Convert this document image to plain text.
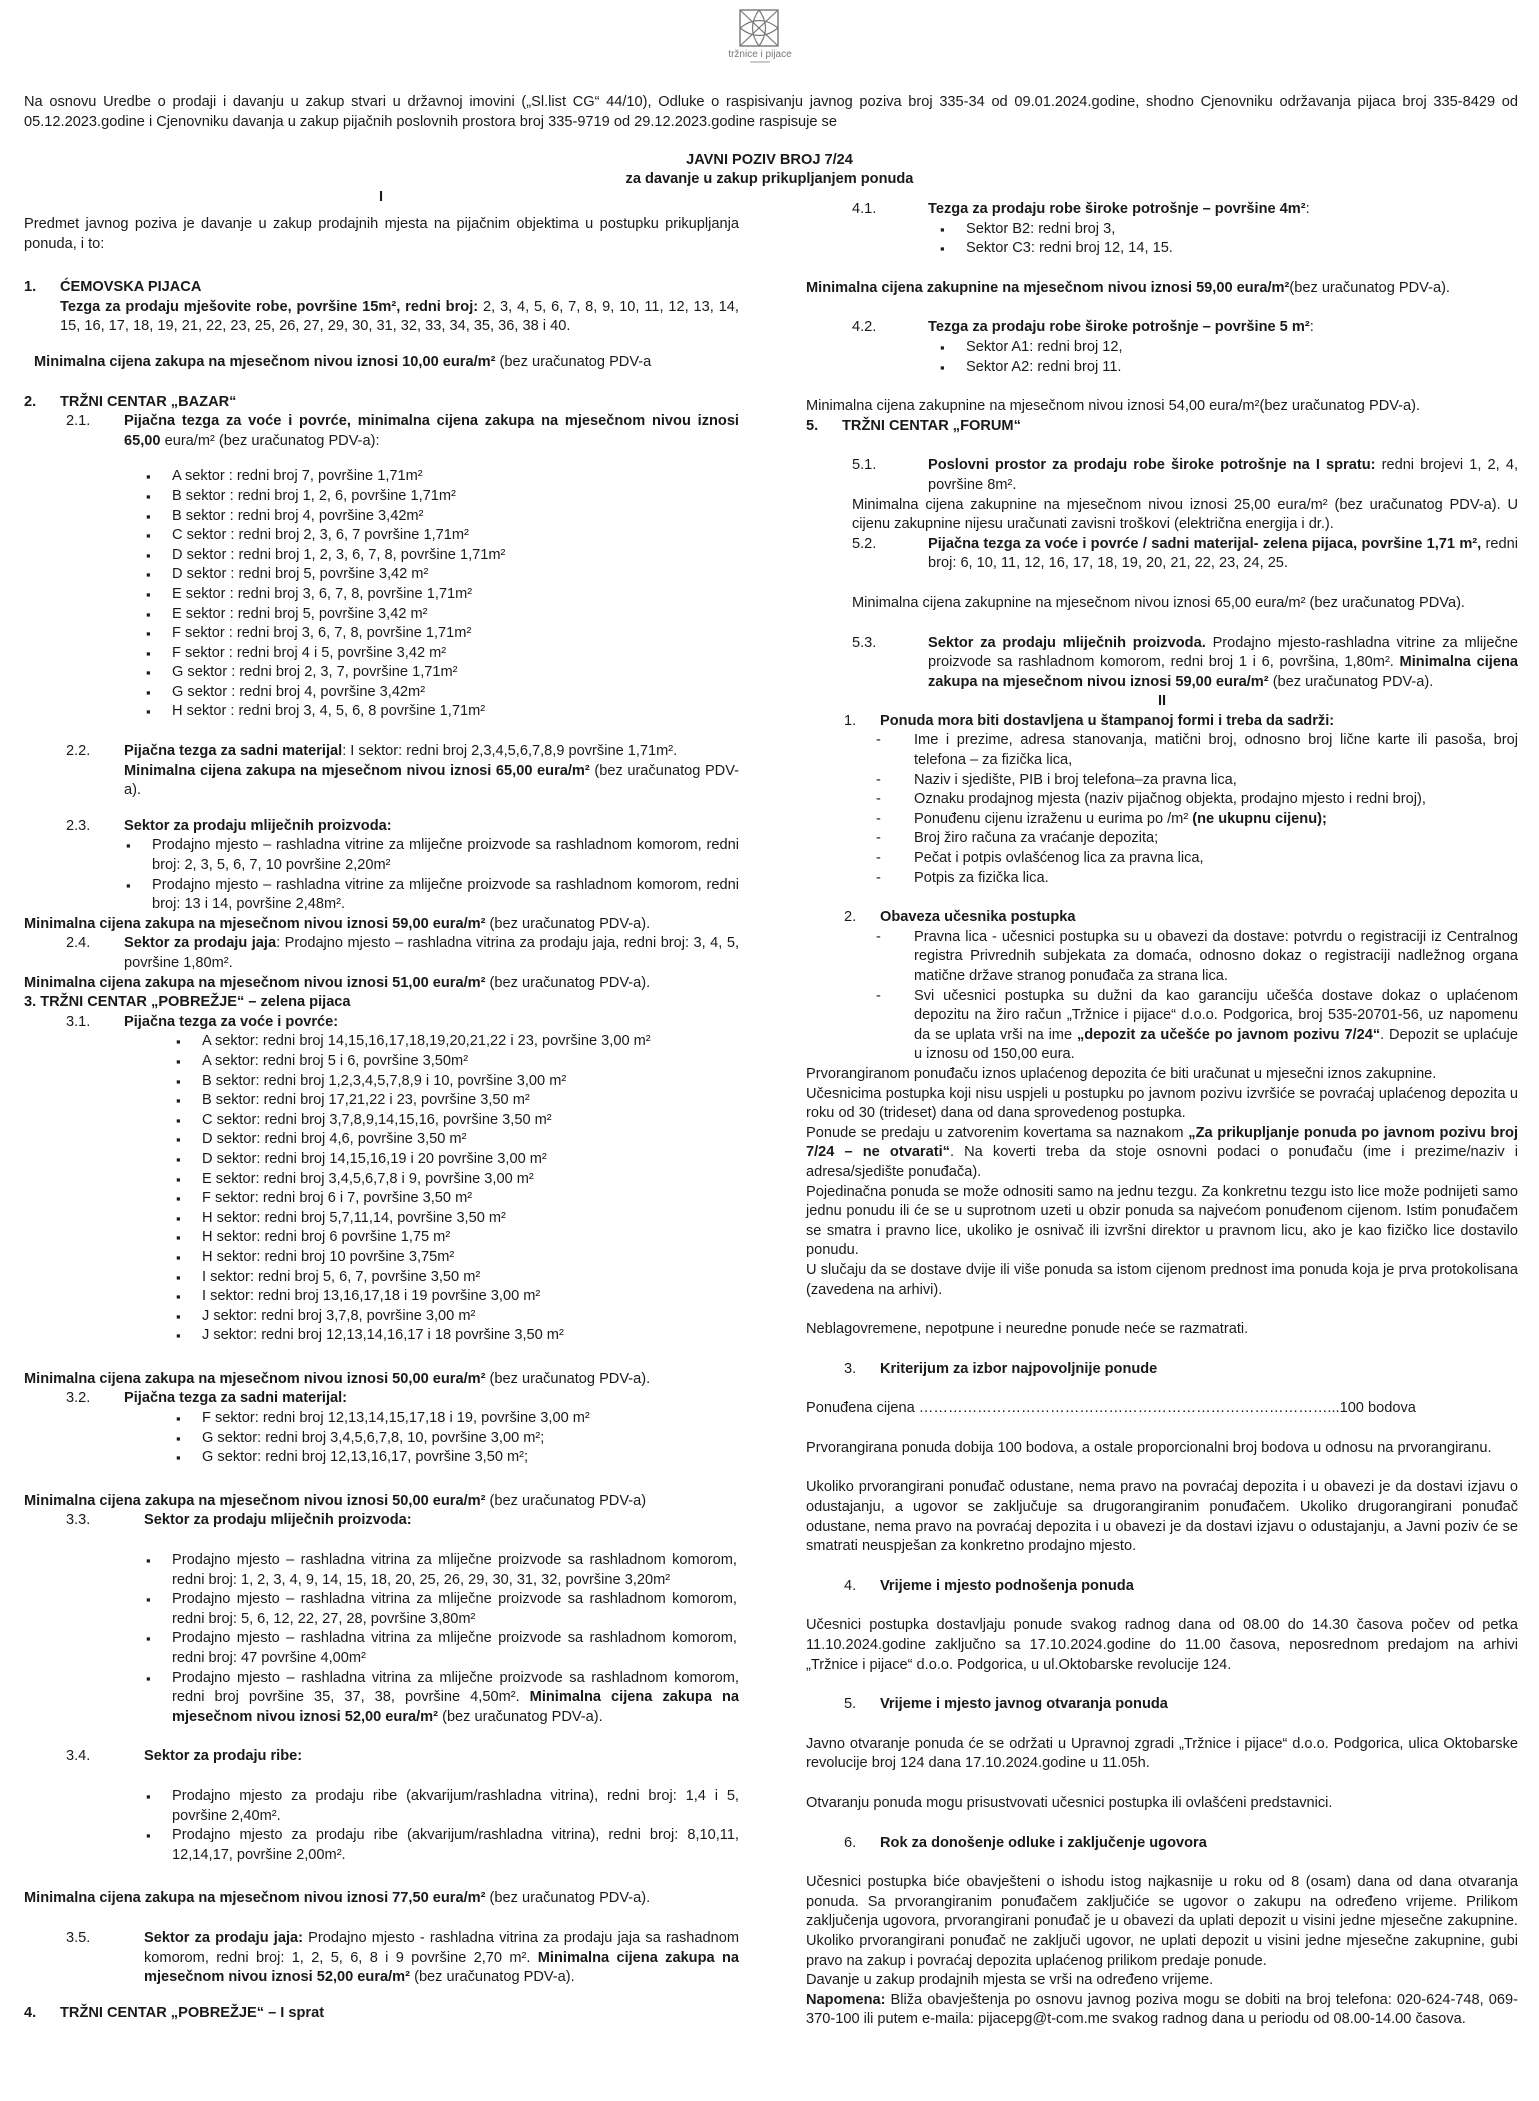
tržnice i pijace
Na osnovu Uredbe o prodaji i davanju u zakup stvari u državnoj imovini („Sl.list CG“ 44/10), Odluke o raspisivanju javnog poziva broj 335-34 od 09.01.2024.godine, shodno Cjenovniku održavanja pijaca broj 335-8429 od 05.12.2023.godine i Cjenovniku davanja u zakup pijačnih poslovnih prostora broj 335-9719 od 29.12.2023.godine raspisuje se
JAVNI POZIV BROJ 7/24
za davanje u zakup prikupljanjem ponuda
I
Predmet javnog poziva je davanje u zakup prodajnih mjesta na pijačnim objektima u postupku prikupljanja ponuda, i to:
1.	ĆEMOVSKA PIJACA
Tezga za prodaju mješovite robe, površine 15m², redni broj: 2, 3, 4, 5, 6, 7, 8, 9, 10, 11, 12, 13, 14, 15, 16, 17, 18, 19, 21, 22, 23, 25, 26, 27, 29, 30, 31, 32, 33, 34, 35, 36, 38 i 40.
Minimalna cijena zakupa na mjesečnom nivou iznosi 10,00 eura/m² (bez uračunatog PDV-a
2.	TRŽNI CENTAR „BAZAR“
2.1.	Pijačna tezga za voće i povrće, minimalna cijena zakupa na mjesečnom nivou iznosi 65,00 eura/m² (bez uračunatog PDV-a):
▪ A sektor : redni broj 7, površine 1,71m²
▪ B sektor : redni broj 1, 2, 6, površine 1,71m²
▪ B sektor : redni broj 4, površine 3,42m²
▪ C sektor : redni broj 2, 3, 6, 7 površine 1,71m²
▪ D sektor : redni broj 1, 2, 3, 6, 7, 8, površine 1,71m²
▪ D sektor : redni broj 5, površine 3,42 m²
▪ E sektor : redni broj 3, 6, 7, 8, površine 1,71m²
▪ E sektor : redni broj 5, površine 3,42 m²
▪ F sektor : redni broj 3, 6, 7, 8, površine 1,71m²
▪ F sektor : redni broj 4 i 5, površine 3,42 m²
▪ G sektor : redni broj 2, 3, 7, površine 1,71m²
▪ G sektor : redni broj 4, površine 3,42m²
▪ H sektor : redni broj 3, 4, 5, 6, 8 površine 1,71m²
2.2.	Pijačna tezga za sadni materijal: I sektor: redni broj 2,3,4,5,6,7,8,9 površine 1,71m².
Minimalna cijena zakupa na mjesečnom nivou iznosi 65,00 eura/m² (bez uračunatog PDV-a).
2.3.	Sektor za prodaju mliječnih proizvoda:
▪ Prodajno mjesto – rashladna vitrine za mliječne proizvode sa rashladnom komorom, redni broj: 2, 3, 5, 6, 7, 10 površine 2,20m²
▪ Prodajno mjesto – rashladna vitrine za mliječne proizvode sa rashladnom komorom, redni broj: 13 i 14, površine 2,48m².
Minimalna cijena zakupa na mjesečnom nivou iznosi 59,00 eura/m² (bez uračunatog PDV-a).
2.4.	Sektor za prodaju jaja: Prodajno mjesto – rashladna vitrina za prodaju jaja, redni broj: 3, 4, 5, površine 1,80m².
Minimalna cijena zakupa na mjesečnom nivou iznosi 51,00 eura/m² (bez uračunatog PDV-a).
3. TRŽNI CENTAR „POBREŽJE“ – zelena pijaca
3.1.	Pijačna tezga za voće i povrće:
▪ A sektor: redni broj 14,15,16,17,18,19,20,21,22 i 23, površine 3,00 m²
▪ A sektor: redni broj 5 i 6, površine 3,50m²
▪ B sektor: redni broj 1,2,3,4,5,7,8,9 i 10, površine 3,00 m²
▪ B sektor: redni broj 17,21,22 i 23, površine 3,50 m²
▪ C sektor: redni broj 3,7,8,9,14,15,16, površine 3,50 m²
▪ D sektor: redni broj 4,6, površine 3,50 m²
▪ D sektor: redni broj 14,15,16,19 i 20 površine 3,00 m²
▪ E sektor: redni broj 3,4,5,6,7,8 i 9, površine 3,00 m²
▪ F sektor: redni broj 6 i 7, površine 3,50 m²
▪ H sektor: redni broj 5,7,11,14, površine 3,50 m²
▪ H sektor: redni broj 6 površine 1,75 m²
▪ H sektor: redni broj 10 površine 3,75m²
▪ I sektor: redni broj 5, 6, 7, površine 3,50 m²
▪ I sektor: redni broj 13,16,17,18 i 19 površine 3,00 m²
▪ J sektor: redni broj 3,7,8, površine 3,00 m²
▪ J sektor: redni broj 12,13,14,16,17 i 18 površine 3,50 m²
Minimalna cijena zakupa na mjesečnom nivou iznosi 50,00 eura/m² (bez uračunatog PDV-a).
3.2.	Pijačna tezga za sadni materijal:
▪ F sektor: redni broj 12,13,14,15,17,18 i 19, površine 3,00 m²
▪ G sektor: redni broj 3,4,5,6,7,8, 10, površine 3,00 m²;
▪ G sektor: redni broj 12,13,16,17, površine 3,50 m²;
Minimalna cijena zakupa na mjesečnom nivou iznosi 50,00 eura/m² (bez uračunatog PDV-a)
3.3.	Sektor za prodaju mliječnih proizvoda:
▪ Prodajno mjesto – rashladna vitrina za mliječne proizvode sa rashladnom komorom, redni broj: 1, 2, 3, 4, 9, 14, 15, 18, 20, 25, 26, 29, 30, 31, 32, površine 3,20m²
▪ Prodajno mjesto – rashladna vitrina za mliječne proizvode sa rashladnom komorom, redni broj: 5, 6, 12, 22, 27, 28, površine 3,80m²
▪ Prodajno mjesto – rashladna vitrina za mliječne proizvode sa rashladnom komorom, redni broj: 47 površine 4,00m²
▪ Prodajno mjesto – rashladna vitrina za mliječne proizvode sa rashladnom komorom, redni broj površine 35, 37, 38, površine 4,50m². Minimalna cijena zakupa na mjesečnom nivou iznosi 52,00 eura/m² (bez uračunatog PDV-a).
3.4.	Sektor za prodaju ribe:
▪ Prodajno mjesto za prodaju ribe (akvarijum/rashladna vitrina), redni broj: 1,4 i 5, površine 2,40m².
▪ Prodajno mjesto za prodaju ribe (akvarijum/rashladna vitrina), redni broj: 8,10,11, 12,14,17, površine 2,00m².
Minimalna cijena zakupa na mjesečnom nivou iznosi 77,50 eura/m² (bez uračunatog PDV-a).
3.5.	Sektor za prodaju jaja: Prodajno mjesto - rashladna vitrina za prodaju jaja sa rashadnom komorom, redni broj: 1, 2, 5, 6, 8 i 9 površine 2,70 m². Minimalna cijena zakupa na mjesečnom nivou iznosi 52,00 eura/m² (bez uračunatog PDV-a).
4.	TRŽNI CENTAR „POBREŽJE“ – I sprat
4.1.	Tezga za prodaju robe široke potrošnje – površine 4m²:
▪ Sektor B2: redni broj 3,
▪ Sektor C3: redni broj 12, 14, 15.
Minimalna cijena zakupnine na mjesečnom nivou iznosi 59,00 eura/m²(bez uračunatog PDV-a).
4.2.	Tezga za prodaju robe široke potrošnje – površine 5 m²:
▪ Sektor A1: redni broj 12,
▪ Sektor A2: redni broj 11.
Minimalna cijena zakupnine na mjesečnom nivou iznosi 54,00 eura/m²(bez uračunatog PDV-a).
5.	TRŽNI CENTAR „FORUM“
5.1.	Poslovni prostor za prodaju robe široke potrošnje na I spratu: redni brojevi 1, 2, 4, površine 8m².
Minimalna cijena zakupnine na mjesečnom nivou iznosi 25,00 eura/m² (bez uračunatog PDV-a). U cijenu zakupnine nijesu uračunati zavisni troškovi (električna energija i dr.).
5.2.	Pijačna tezga za voće i povrće / sadni materijal- zelena pijaca, površine 1,71 m², redni broj: 6, 10, 11, 12, 16, 17, 18, 19, 20, 21, 22, 23, 24, 25.
Minimalna cijena zakupnine na mjesečnom nivou iznosi 65,00 eura/m² (bez uračunatog PDVa).
5.3.	Sektor za prodaju mliječnih proizvoda. Prodajno mjesto-rashladna vitrine za mliječne proizvode sa rashladnom komorom, redni broj 1 i 6, površina, 1,80m². Minimalna cijena zakupa na mjesečnom nivou iznosi 59,00 eura/m² (bez uračunatog PDV-a).
II
1.	Ponuda mora biti dostavljena u štampanoj formi i treba da sadrži:
- Ime i prezime, adresa stanovanja, matični broj, odnosno broj lične karte ili pasoša, broj telefona – za fizička lica,
- Naziv i sjedište, PIB i broj telefona–za pravna lica,
- Oznaku prodajnog mjesta (naziv pijačnog objekta, prodajno mjesto i redni broj),
- Ponuđenu cijenu izraženu u eurima po /m² (ne ukupnu cijenu);
- Broj žiro računa za vraćanje depozita;
- Pečat i potpis ovlašćenog lica za pravna lica,
- Potpis za fizička lica.
2.	Obaveza učesnika postupka
- Pravna lica - učesnici postupka su u obavezi da dostave: potvrdu o registraciji iz Centralnog registra Privrednih subjekata za domaća, odnosno dokaz o registraciji nadležnog organa matične države stranog ponuđača za strana lica.
- Svi učesnici postupka su dužni da kao garanciju učešća dostave dokaz o uplaćenom depozitu na žiro račun „Tržnice i pijace“ d.o.o. Podgorica, broj 535-20701-56, uz napomenu da se uplata vrši na ime „depozit za učešće po javnom pozivu 7/24“. Depozit se uplaćuje u iznosu od 150,00 eura.
Prvorangiranom ponuđaču iznos uplaćenog depozita će biti uračunat u mjesečni iznos zakupnine.
Učesnicima postupka koji nisu uspjeli u postupku po javnom pozivu izvršiće se povraćaj uplaćenog depozita u roku od 30 (trideset) dana od dana sprovedenog postupka.
Ponude se predaju u zatvorenim kovertama sa naznakom „Za prikupljanje ponuda po javnom pozivu broj 7/24 – ne otvarati“. Na koverti treba da stoje osnovni podaci o ponuđaču (ime i prezime/naziv i adresa/sjedište ponuđača).
Pojedinačna ponuda se može odnositi samo na jednu tezgu. Za konkretnu tezgu isto lice može podnijeti samo jednu ponudu ili će se u suprotnom uzeti u obzir ponuda sa najvećom ponuđenom cijenom. Istim ponuđačem se smatra i pravno lice, ukoliko je osnivač ili izvršni direktor u pravnom licu, ako je kao fizičko lice dostavilo ponudu.
U slučaju da se dostave dvije ili više ponuda sa istom cijenom prednost ima ponuda koja je prva protokolisana (zavedena na arhivi).
Neblagovremene, nepotpune i neuredne ponude neće se razmatrati.
3.	Kriterijum za izbor najpovoljnije ponude
Ponuđena cijena …………………………………………………………………………...100 bodova
Prvorangirana ponuda dobija 100 bodova, a ostale proporcionalni broj bodova u odnosu na prvorangiranu.
Ukoliko prvorangirani ponuđač odustane, nema pravo na povraćaj depozita i u obavezi je da dostavi izjavu o odustajanju, a ugovor se zaključuje sa drugorangiranim ponuđačem. Ukoliko drugorangirani ponuđač odustane, nema pravo na povraćaj depozita i u obavezi je da dostavi izjavu o odustajanju, a Javni poziv će se smatrati neuspješan za konkretno prodajno mjesto.
4.	Vrijeme i mjesto podnošenja ponuda
Učesnici postupka dostavljaju ponude svakog radnog dana od 08.00 do 14.30 časova počev od petka 11.10.2024.godine zaključno sa 17.10.2024.godine do 11.00 časova, neposrednom predajom na arhivi „Tržnice i pijace“ d.o.o. Podgorica, u ul.Oktobarske revolucije 124.
5.	Vrijeme i mjesto javnog otvaranja ponuda
Javno otvaranje ponuda će se održati u Upravnoj zgradi „Tržnice i pijace“ d.o.o. Podgorica, ulica Oktobarske revolucije broj 124 dana 17.10.2024.godine u 11.05h.
Otvaranju ponuda mogu prisustvovati učesnici postupka ili ovlašćeni predstavnici.
6.	Rok za donošenje odluke i zaključenje ugovora
Učesnici postupka biće obavješteni o ishodu istog najkasnije u roku od 8 (osam) dana od dana otvaranja ponuda. Sa prvorangiranim ponuđačem zaključiće se ugovor o zakupu na određeno vrijeme. Prilikom zaključenja ugovora, prvorangirani ponuđač je u obavezi da uplati depozit u visini jedne mjesečne zakupnine. Ukoliko prvorangirani ponuđač ne zaključi ugovor, ne uplati depozit u visini jedne mjesečne zakupnine, gubi pravo na zakup i povraćaj depozita uplaćenog prilikom predaje ponude.
Davanje u zakup prodajnih mjesta se vrši na određeno vrijeme.
Napomena: Bliža obavještenja po osnovu javnog poziva mogu se dobiti na broj telefona: 020-624-748, 069-370-100 ili putem e-maila: pijacepg@t-com.me svakog radnog dana u periodu od 08.00-14.00 časova.
